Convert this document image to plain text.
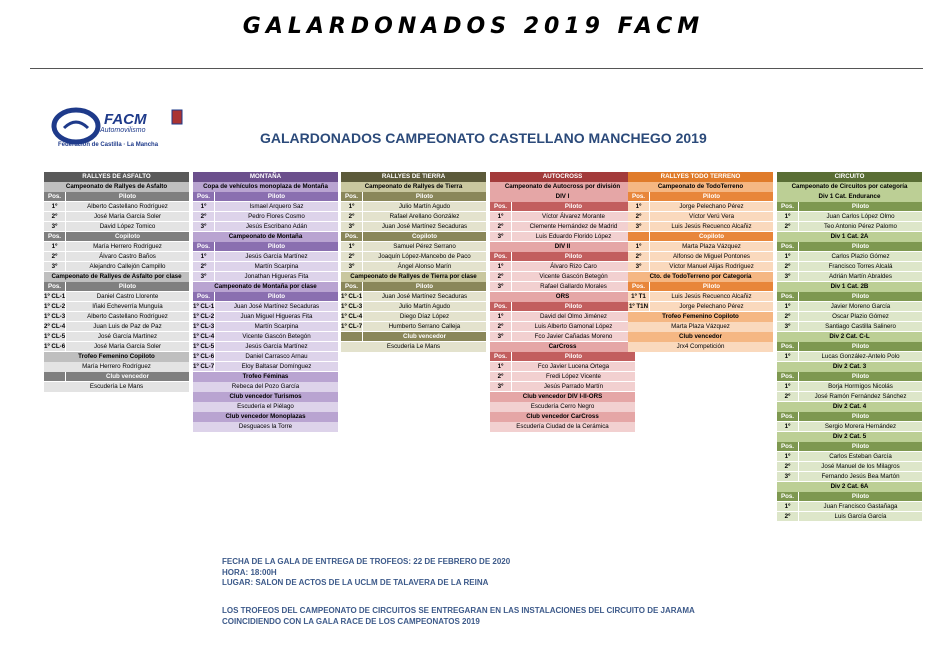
GALARDONADOS 2019 FACM
FACM
Automovilismo
Federación de Castilla · La Mancha	GALARDONADOS CAMPEONATO CASTELLANO MANCHEGO 2019
RALLYES DE ASFALTO
Campeonato de Rallyes de Asfalto
Pos.	Piloto
1º	Alberto Castellano Rodríguez
2º	José María García Soler
3º	David López Tomico
Pos.	Copiloto
1º	María Herrero Rodríguez
2º	Álvaro Castro Baños
3º	Alejandro Callejón Campillo
Campeonato de Rallyes de Asfalto por clase
Pos.	Piloto
1º CL-1	Daniel Castro Llorente
1º CL-2	Iñaki Echeverría Munguía
1º CL-3	Alberto Castellano Rodríguez
2º CL-4	Juan Luis de Paz de Paz
1º CL-5	José García Martínez
1º CL-6	José María García Soler
Trofeo Femenino Copiloto
María Herrero Rodríguez
Club vencedor
Escudería Le Mans
MONTAÑA
Copa de vehículos monoplaza de Montaña
Pos.	Piloto
1º	Ismael Arquero Saz
2º	Pedro Flores Cosmo
3º	Jesús Escribano Adán
Campeonato de Montaña
Pos.	Piloto
1º	Jesús García Martínez
2º	Martín Scarpina
3º	Jonathan Higueras Fita
Campeonato de Montaña por clase
Pos.	Piloto
1º CL-1	Juan José Martínez Secaduras
1º CL-2	Juan Miguel Higueras Fita
1º CL-3	Martín Scarpina
1º CL-4	Vicente Gascón Betegón
1º CL-5	Jesús García Martínez
1º CL-6	Daniel Carrasco Arnau
1º CL-7	Eloy Baltasar Domínguez
Trofeo Féminas
Rebeca del Pozo García
Club vencedor Turismos
Escudería el Piélago
Club vencedor Monoplazas
Desguaces la Torre
RALLYES DE TIERRA
Campeonato de Rallyes de Tierra
Pos.	Piloto
1º	Julio Martín Agudo
2º	Rafael Arellano González
3º	Juan José Martínez Secaduras
Pos.	Copiloto
1º	Samuel Pérez Serrano
2º	Joaquín López-Mancebo de Paco
3º	Ángel Alonso Marín
Campeonato de Rallyes de Tierra por clase
Pos.	Piloto
1º CL-1	Juan José Martínez Secaduras
1º CL-3	Julio Martín Agudo
1º CL-4	Diego Díaz López
1º CL-7	Humberto Serrano Calleja
Club vencedor
Escudería Le Mans
AUTOCROSS
Campeonato de Autocross por división
DIV I
Pos.	Piloto
1º	Víctor Álvarez Morante
2º	Clemente Hernández de Madrid
3º	Luis Eduardo Florido López
DIV II
Pos.	Piloto
1º	Álvaro Rizo Caro
2º	Vicente Gascón Betegón
3º	Rafael Gallardo Morales
ORS
Pos.	Piloto
1º	David del Olmo Jiménez
2º	Luis Alberto Gamonal López
3º	Fco Javier Cañadas Moreno
CarCross
Pos.	Piloto
1º	Fco Javier Lucena Ortega
2º	Fredi López Vicente
3º	Jesús Parrado Martín
Club vencedor DIV I-II-ORS
Escudería Cerro Negro
Club vencedor CarCross
Escudería Ciudad de la Cerámica
RALLYES TODO TERRENO
Campeonato de TodoTerreno
Pos.	Piloto
1º	Jorge Pelechano Pérez
2º	Víctor Verú Vera
3º	Luis Jesús Recuenco Alcañiz
Copiloto
1º	Marta Plaza Vázquez
2º	Alfonso de Miguel Pontones
3º	Víctor Manuel Alijas Rodríguez
Cto. de TodoTerreno por Categoría
Pos.	Piloto
1º T1	Luis Jesús Recuenco Alcañiz
1º T1N	Jorge Pelechano Pérez
Trofeo Femenino Copiloto
Marta Plaza Vázquez
Club vencedor
Jrx4 Competición
CIRCUITO
Campeonato de Circuitos por categoría
Div 1 Cat. Endurance
Pos.	Piloto
1º	Juan Carlos López Olmo
2º	Teo Antonio Pérez Palomo
Div 1 Cat. 2A
Pos.	Piloto
1º	Carlos Plazio Gómez
2º	Francisco Torres Alcalá
3º	Adrián Martín Abraldes
Div 1 Cat. 2B
Pos.	Piloto
1º	Javier Moreno García
2º	Oscar Plazio Gómez
3º	Santiago Castilla Salinero
Div 2 Cat. C-L
Pos.	Piloto
1º	Lucas González-Antelo Polo
Div 2 Cat. 3
Pos.	Piloto
1º	Borja Hormigos Nicolás
2º	José Ramón Fernández Sánchez
Div 2 Cat. 4
Pos.	Piloto
1º	Sergio Morera Hernández
Div 2 Cat. 5
Pos.	Piloto
1º	Carlos Esteban García
2º	José Manuel de los Milagros
3º	Fernando Jesús Bea Martón
Div 2 Cat. 6A
Pos.	Piloto
1º	Juan Francisco Gastañaga
2º	Luis García García
FECHA DE LA GALA DE ENTREGA DE TROFEOS: 22 DE FEBRERO DE 2020
HORA: 18:00H
LUGAR: SALON DE ACTOS DE LA UCLM DE TALAVERA DE LA REINA
LOS TROFEOS DEL CAMPEONATO DE CIRCUITOS SE ENTREGARAN EN LAS INSTALACIONES DEL CIRCUITO DE JARAMA
COINCIDIENDO CON LA GALA RACE DE LOS CAMPEONATOS 2019
